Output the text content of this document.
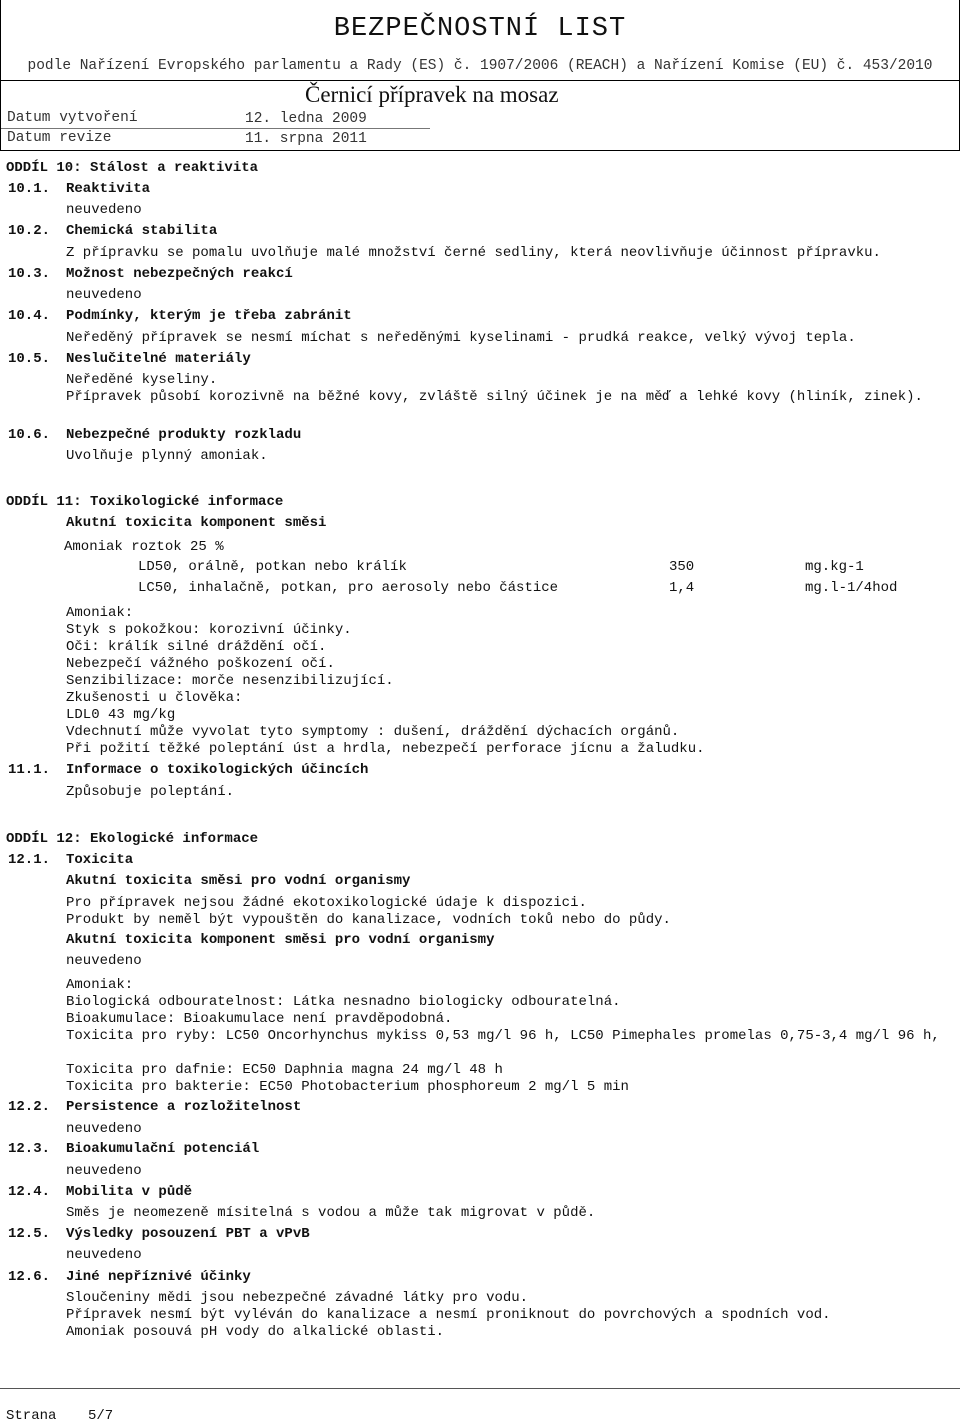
BEZPEČNOSTNÍ LIST
podle Nařízení Evropského parlamentu a Rady (ES) č. 1907/2006 (REACH) a Nařízení Komise (EU) č. 453/2010
Černicí přípravek na mosaz
Datum vytvoření	12. ledna 2009
Datum revize	11. srpna 2011
ODDÍL 10: Stálost a reaktivita
10.1. Reaktivita
neuvedeno
10.2. Chemická stabilita
Z přípravku se pomalu uvolňuje malé množství černé sedliny, která neovlivňuje účinnost přípravku.
10.3. Možnost nebezpečných reakcí
neuvedeno
10.4. Podmínky, kterým je třeba zabránit
Neředěný přípravek se nesmí míchat s neředěnými kyselinami - prudká reakce, velký vývoj tepla.
10.5. Neslučitelné materiály
Neředěné kyseliny.
Přípravek působí korozivně na běžné kovy, zvláště silný účinek je na měď a lehké kovy (hliník, zinek).
10.6. Nebezpečné produkty rozkladu
Uvolňuje plynný amoniak.
ODDÍL 11: Toxikologické informace
Akutní toxicita komponent směsi
Amoniak roztok 25 %
LD50, orálně, potkan nebo králík	350	mg.kg-1
LC50, inhalačně, potkan, pro aerosoly nebo částice	1,4	mg.l-1/4hod
Amoniak:
Styk s pokožkou: korozivní účinky.
Oči: králík silné dráždění očí.
Nebezpečí vážného poškození očí.
Senzibilizace: morče nesenzibilizující.
Zkušenosti u člověka:
LDL0 43 mg/kg
Vdechnutí může vyvolat tyto symptomy : dušení, dráždění dýchacích orgánů.
Při požití těžké poleptání úst a hrdla, nebezpečí perforace jícnu a žaludku.
11.1. Informace o toxikologických účincích
Způsobuje poleptání.
ODDÍL 12: Ekologické informace
12.1. Toxicita
Akutní toxicita směsi pro vodní organismy
Pro přípravek nejsou žádné ekotoxikologické údaje k dispozici.
Produkt by neměl být vypouštěn do kanalizace, vodních toků nebo do půdy.
Akutní toxicita komponent směsi pro vodní organismy
neuvedeno
Amoniak:
Biologická odbouratelnost: Látka nesnadno biologicky odbouratelná.
Bioakumulace: Bioakumulace není pravděpodobná.
Toxicita pro ryby: LC50 Oncorhynchus mykiss 0,53 mg/l 96 h, LC50 Pimephales promelas 0,75-3,4 mg/l 96 h,
Toxicita pro dafnie: EC50 Daphnia magna 24 mg/l 48 h
Toxicita pro bakterie: EC50 Photobacterium phosphoreum 2 mg/l 5 min
12.2. Persistence a rozložitelnost
neuvedeno
12.3. Bioakumulační potenciál
neuvedeno
12.4. Mobilita v půdě
Směs je neomezeně mísitelná s vodou a může tak migrovat v půdě.
12.5. Výsledky posouzení PBT a vPvB
neuvedeno
12.6. Jiné nepříznivé účinky
Sloučeniny mědi jsou nebezpečné závadné látky pro vodu.
Přípravek nesmí být vyléván do kanalizace a nesmí proniknout do povrchových a spodních vod.
Amoniak posouvá pH vody do alkalické oblasti.
Strana 5/7
